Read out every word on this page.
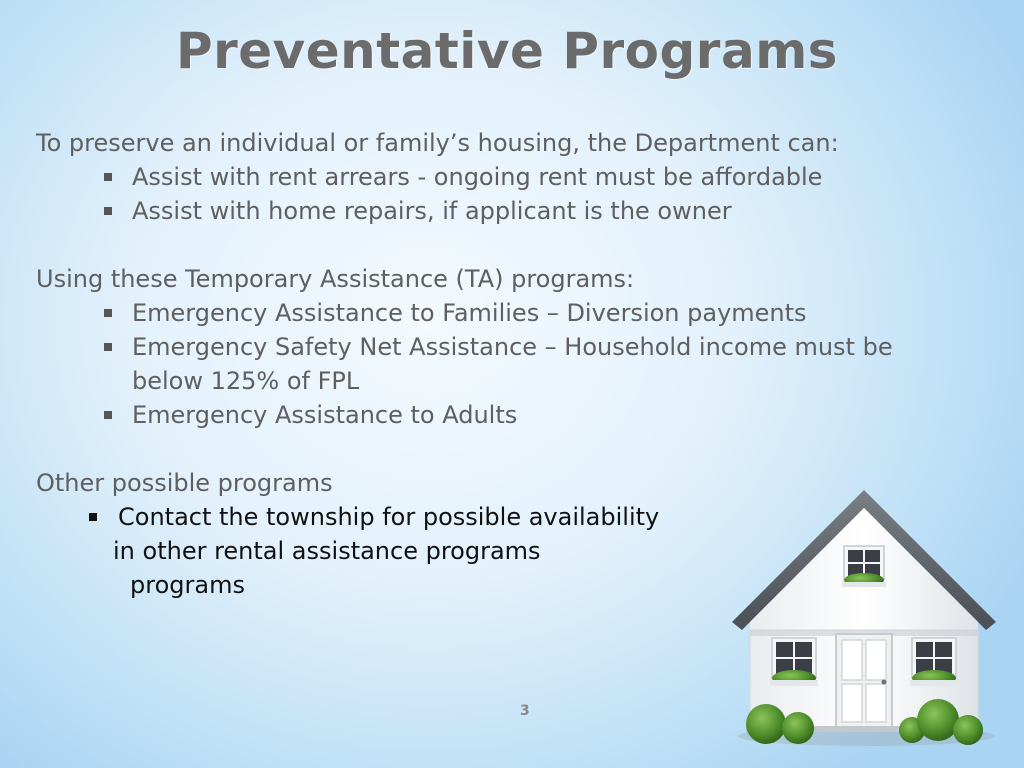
Preventative Programs
To preserve an individual or family’s housing, the Department can:
Assist with rent arrears - ongoing rent must be affordable
Assist with home repairs, if applicant is the owner
Using these Temporary Assistance (TA) programs:
Emergency Assistance to Families – Diversion payments
Emergency Safety Net Assistance – Household income must be
below 125% of FPL
Emergency Assistance to Adults
Other possible programs
Contact the township for possible availability
in other rental assistance programs
programs
3
